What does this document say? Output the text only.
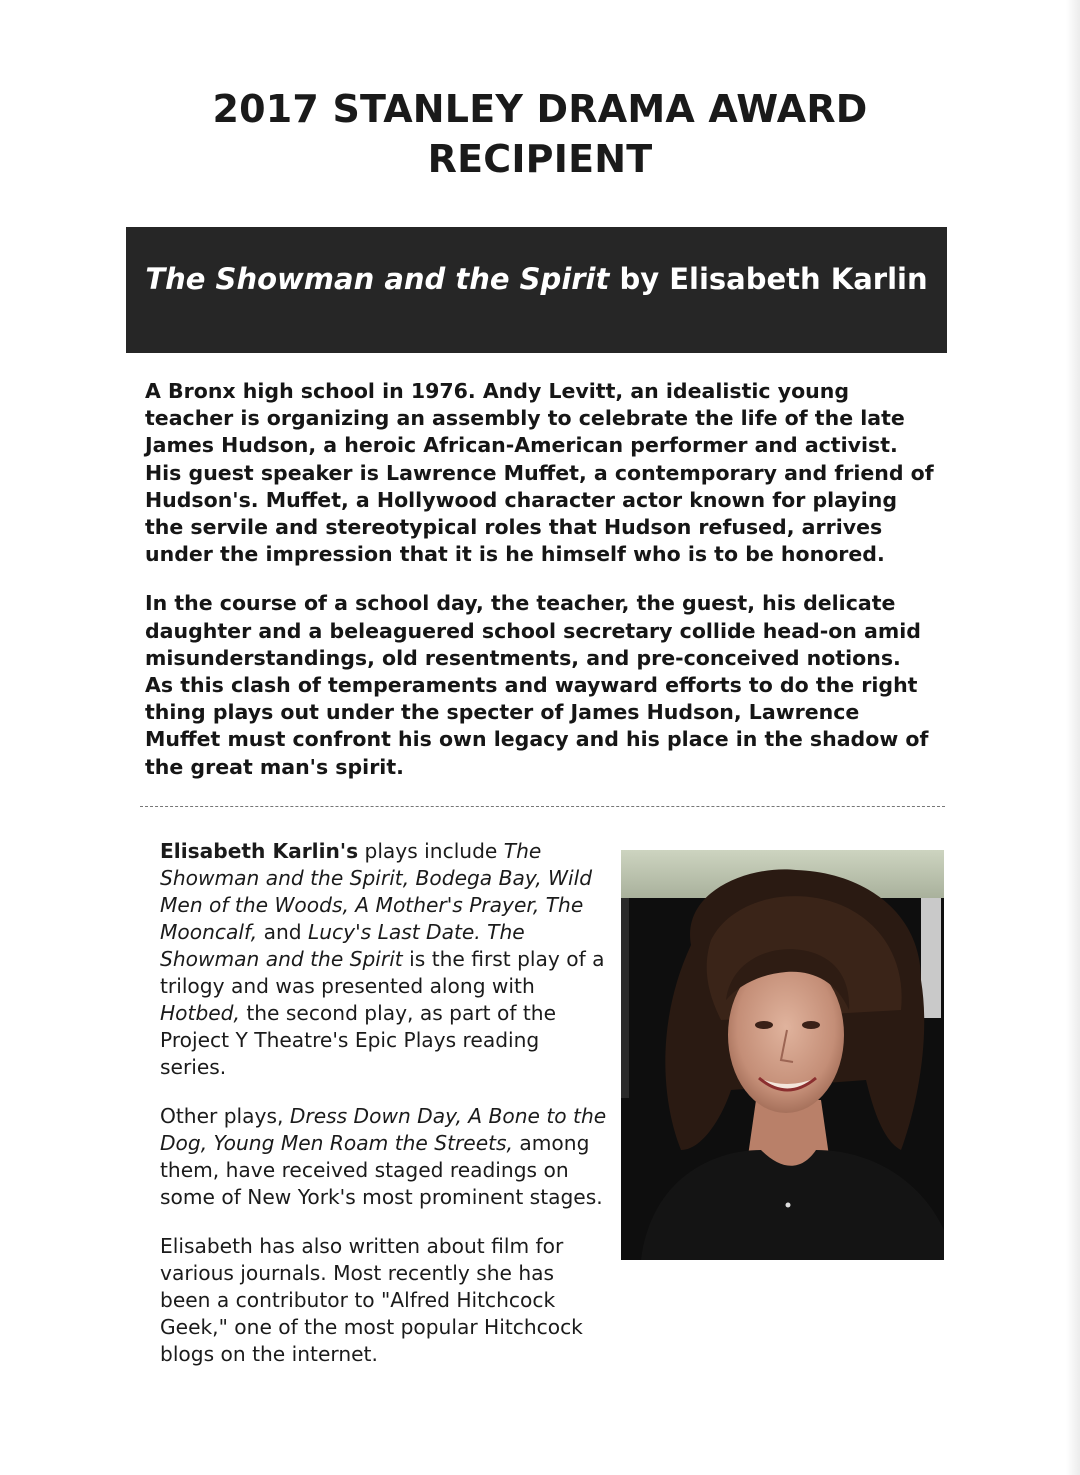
2017 STANLEY DRAMA AWARD
RECIPIENT
The Showman and the Spirit by Elisabeth Karlin

A Bronx high school in 1976. Andy Levitt, an idealistic young teacher is organizing an assembly to celebrate the life of the late James Hudson, a heroic African-American performer and activist. His guest speaker is Lawrence Muffet, a contemporary and friend of Hudson's. Muffet, a Hollywood character actor known for playing the servile and stereotypical roles that Hudson refused, arrives under the impression that it is he himself who is to be honored.

In the course of a school day, the teacher, the guest, his delicate daughter and a beleaguered school secretary collide head-on amid misunderstandings, old resentments, and pre-conceived notions. As this clash of temperaments and wayward efforts to do the right thing plays out under the specter of James Hudson, Lawrence Muffet must confront his own legacy and his place in the shadow of the great man's spirit.

Elisabeth Karlin's plays include The Showman and the Spirit, Bodega Bay, Wild Men of the Woods, A Mother's Prayer, The Mooncalf, and Lucy's Last Date. The Showman and the Spirit is the first play of a trilogy and was presented along with Hotbed, the second play, as part of the Project Y Theatre's Epic Plays reading series.

Other plays, Dress Down Day, A Bone to the Dog, Young Men Roam the Streets, among them, have received staged readings on some of New York's most prominent stages.

Elisabeth has also written about film for various journals. Most recently she has been a contributor to "Alfred Hitchcock Geek," one of the most popular Hitchcock blogs on the internet.
